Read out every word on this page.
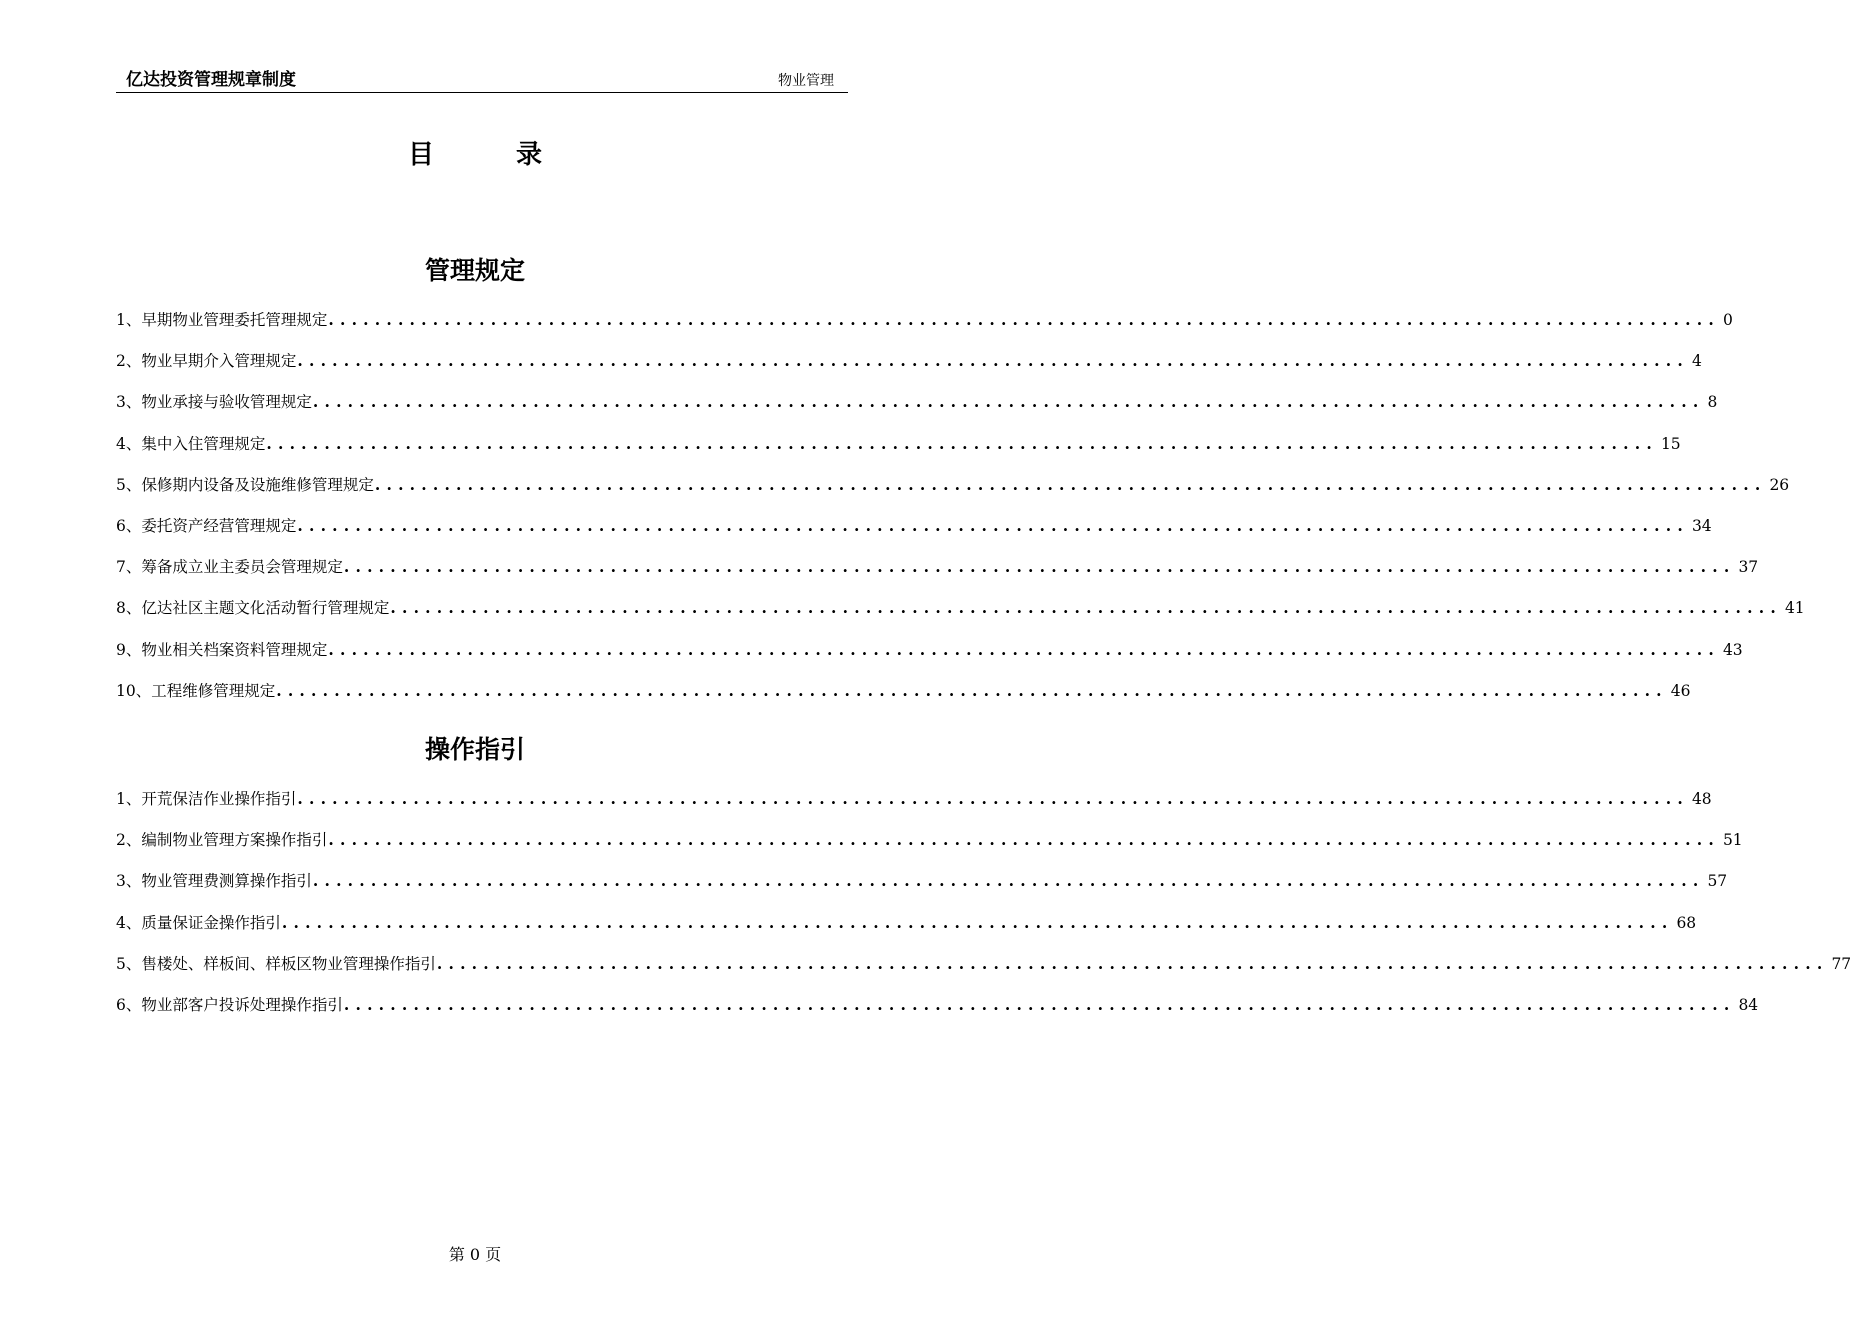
亿达投资管理规章制度	物业管理
目录
管理规定
1、早期物业管理委托管理规定 ........................................................................................................................ 0
2、物业早期介入管理规定 ........................................................................................................................ 4
3、物业承接与验收管理规定 ........................................................................................................................ 8
4、集中入住管理规定 ........................................................................................................................ 15
5、保修期内设备及设施维修管理规定 ........................................................................................................................ 26
6、委托资产经营管理规定 ........................................................................................................................ 34
7、筹备成立业主委员会管理规定 ........................................................................................................................ 37
8、亿达社区主题文化活动暂行管理规定 ........................................................................................................................ 41
9、物业相关档案资料管理规定 ........................................................................................................................ 43
10、工程维修管理规定 ........................................................................................................................ 46
操作指引
1、开荒保洁作业操作指引 ........................................................................................................................ 48
2、编制物业管理方案操作指引 ........................................................................................................................ 51
3、物业管理费测算操作指引 ........................................................................................................................ 57
4、质量保证金操作指引 ........................................................................................................................ 68
5、售楼处、样板间、样板区物业管理操作指引 ........................................................................................................................ 77
6、物业部客户投诉处理操作指引 ........................................................................................................................ 84
第 0 页
